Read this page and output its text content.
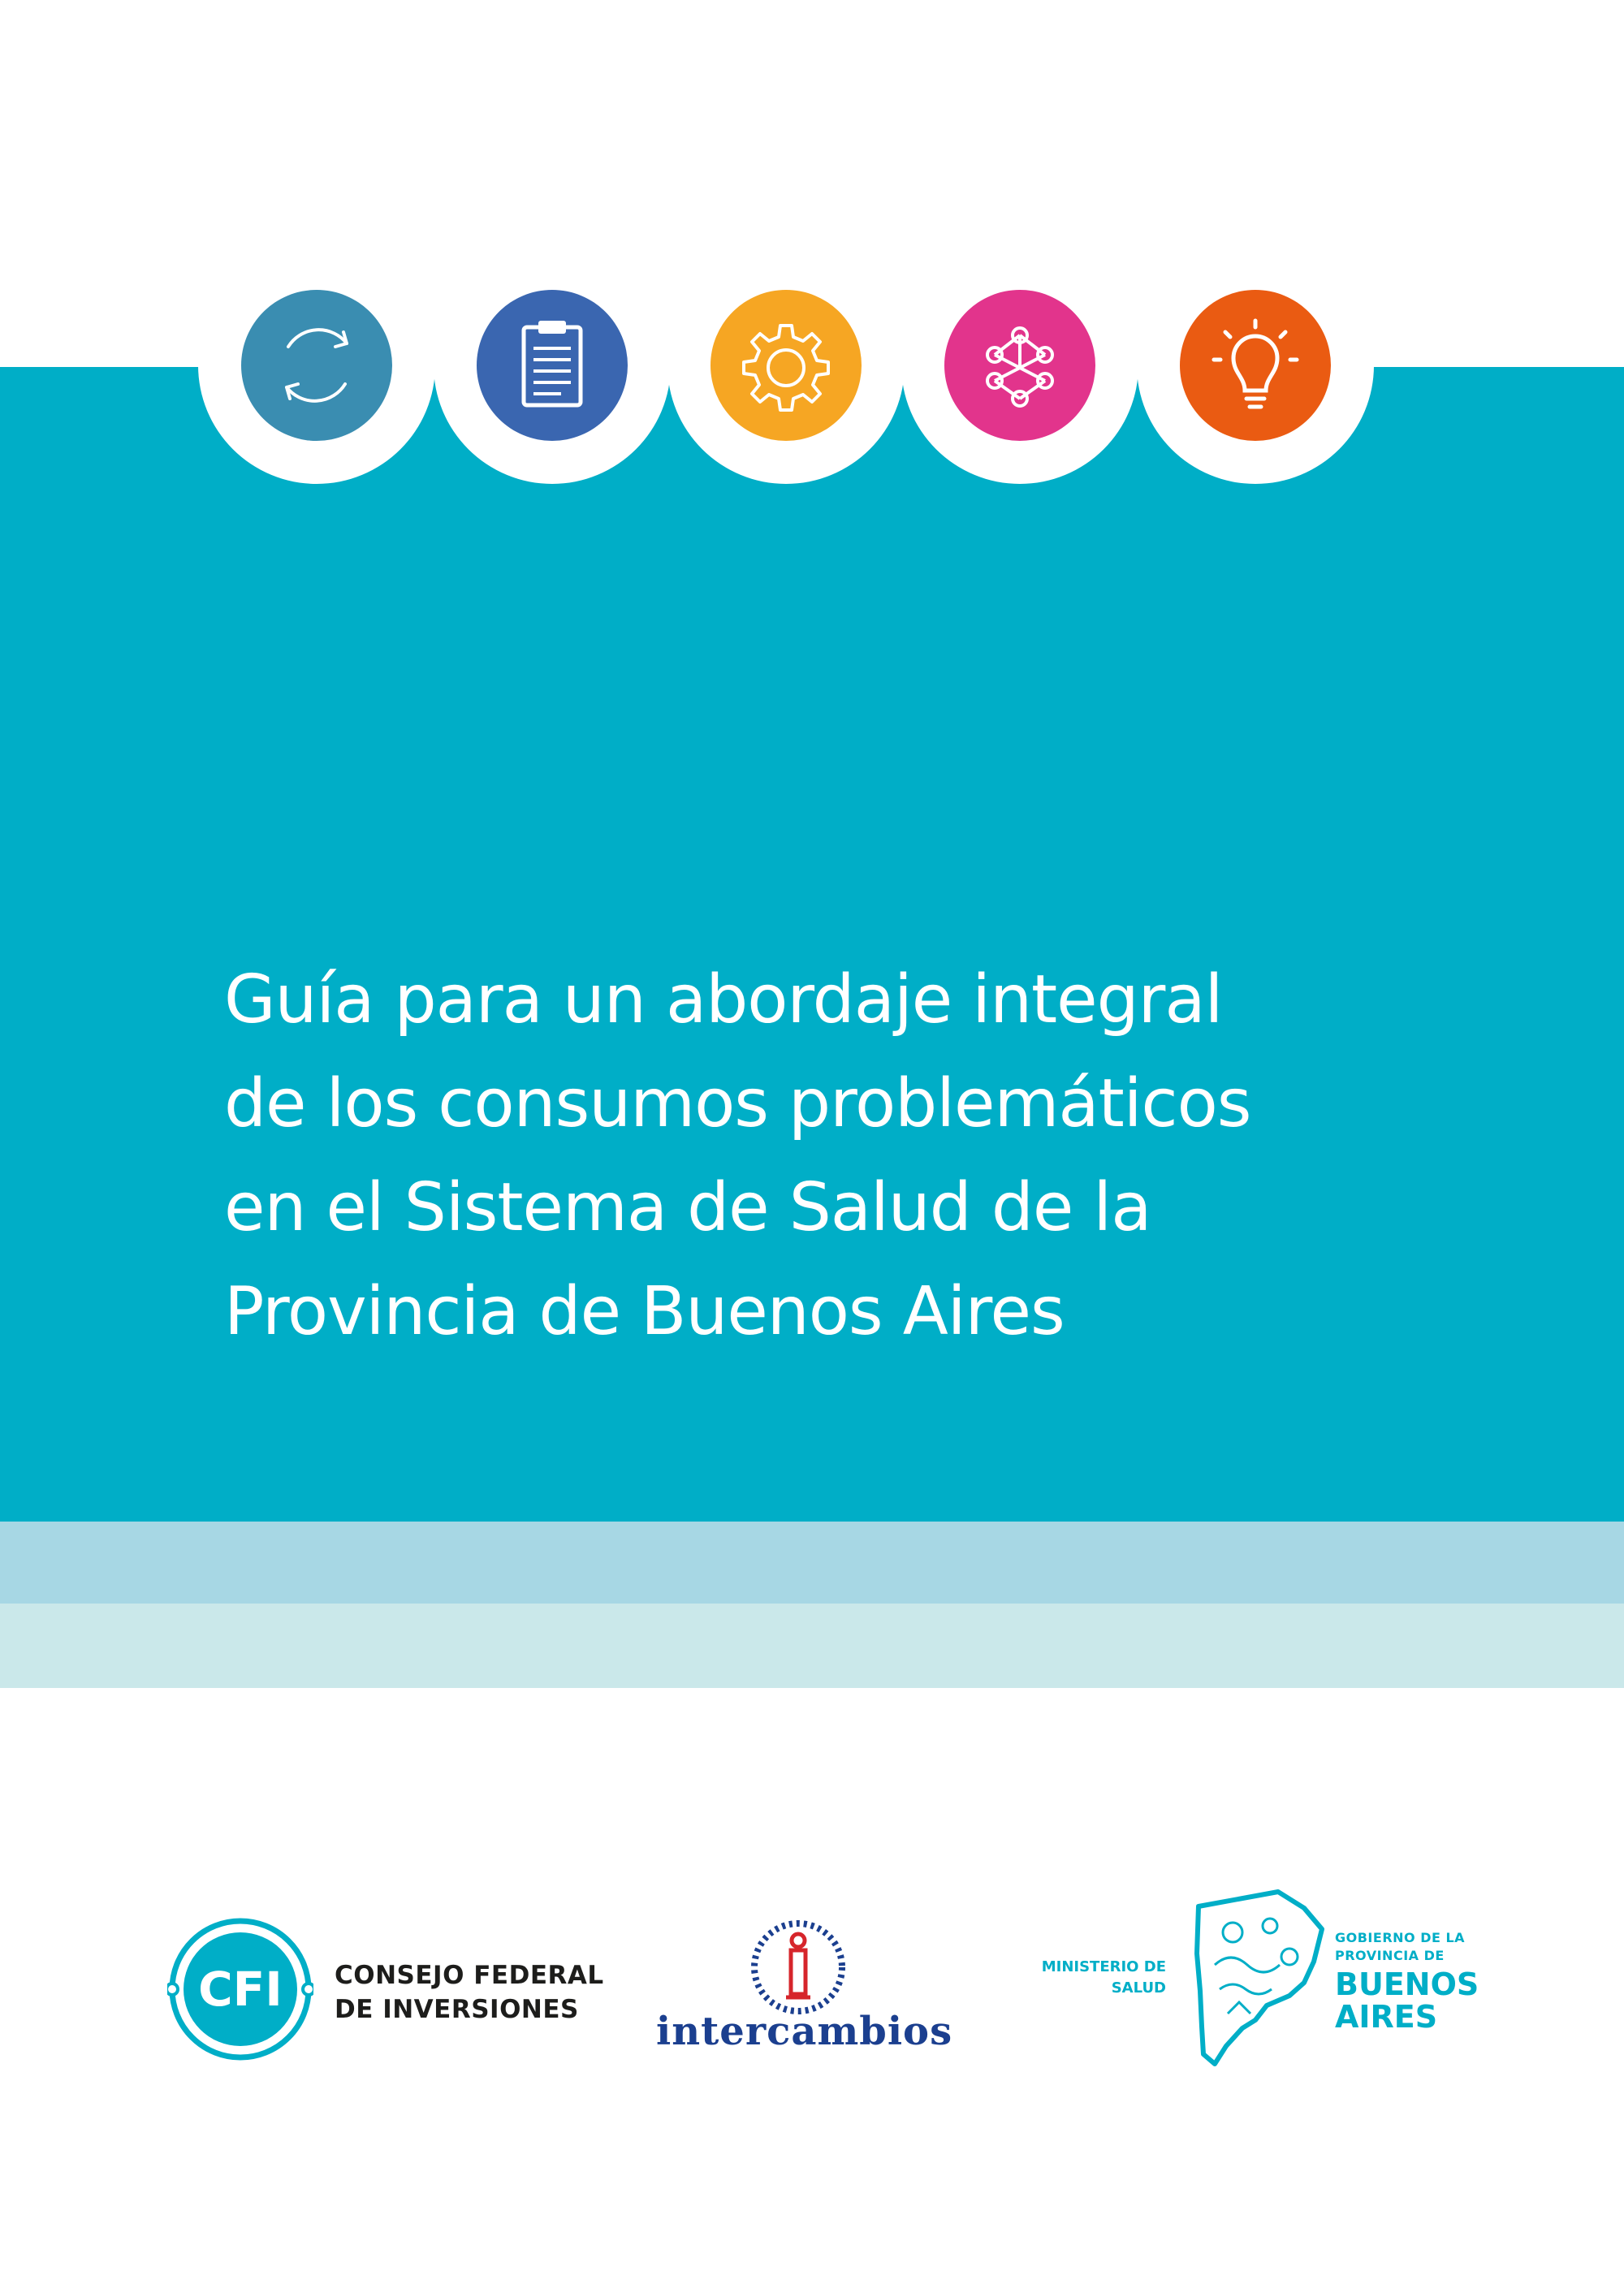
Guía para un abordaje integral
de los consumos problemáticos
en el Sistema de Salud de la
Provincia de Buenos Aires
CFI CONSEJO FEDERAL
DE INVERSIONES	intercambios
MINISTERIO DE
SALUD
GOBIERNO DE LA
PROVINCIA DE
BUENOS
AIRES
